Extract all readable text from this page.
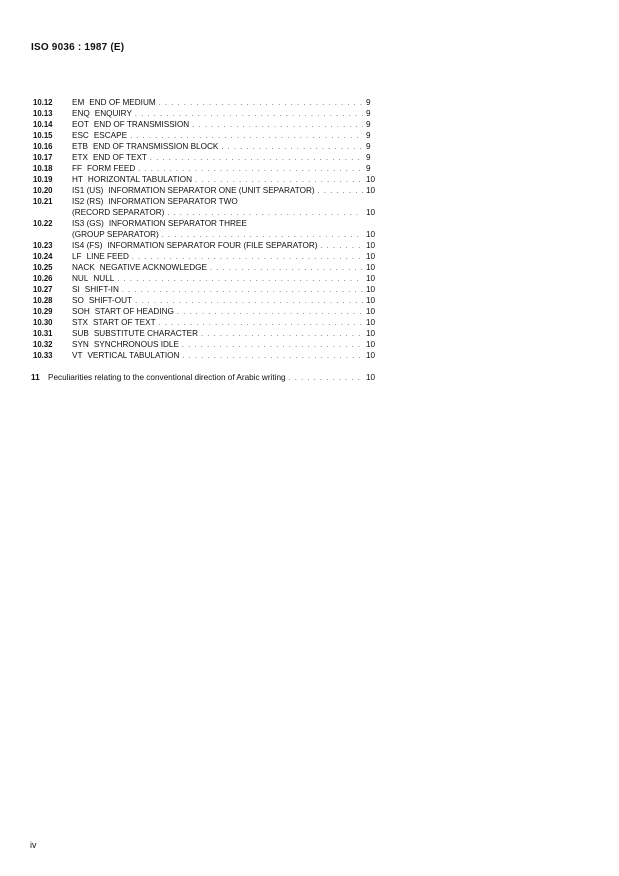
ISO 9036 : 1987 (E)
10.12	EM END OF MEDIUM . . .	9
10.13	ENQ ENQUIRY . . .	9
10.14	EOT END OF TRANSMISSION . . .	9
10.15	ESC ESCAPE . . .	9
10.16	ETB END OF TRANSMISSION BLOCK . . .	9
10.17	ETX END OF TEXT . . .	9
10.18	FF FORM FEED . . .	9
10.19	HT HORIZONTAL TABULATION . . .	10
10.20	IS1 (US) INFORMATION SEPARATOR ONE (UNIT SEPARATOR) . . .	10
10.21	IS2 (RS) INFORMATION SEPARATOR TWO
(RECORD SEPARATOR) . . .	10
10.22	IS3 (GS) INFORMATION SEPARATOR THREE
(GROUP SEPARATOR) . . .	10
10.23	IS4 (FS) INFORMATION SEPARATOR FOUR (FILE SEPARATOR) . . .	10
10.24	LF LINE FEED . . .	10
10.25	NACK NEGATIVE ACKNOWLEDGE . . .	10
10.26	NUL NULL . . .	10
10.27	SI SHIFT-IN . . .	10
10.28	SO SHIFT-OUT . . .	10
10.29	SOH START OF HEADING . . .	10
10.30	STX START OF TEXT . . .	10
10.31	SUB SUBSTITUTE CHARACTER . . .	10
10.32	SYN SYNCHRONOUS IDLE . . .	10
10.33	VT VERTICAL TABULATION . . .	10
11	Peculiarities relating to the conventional direction of Arabic writing . . .	10
iv
